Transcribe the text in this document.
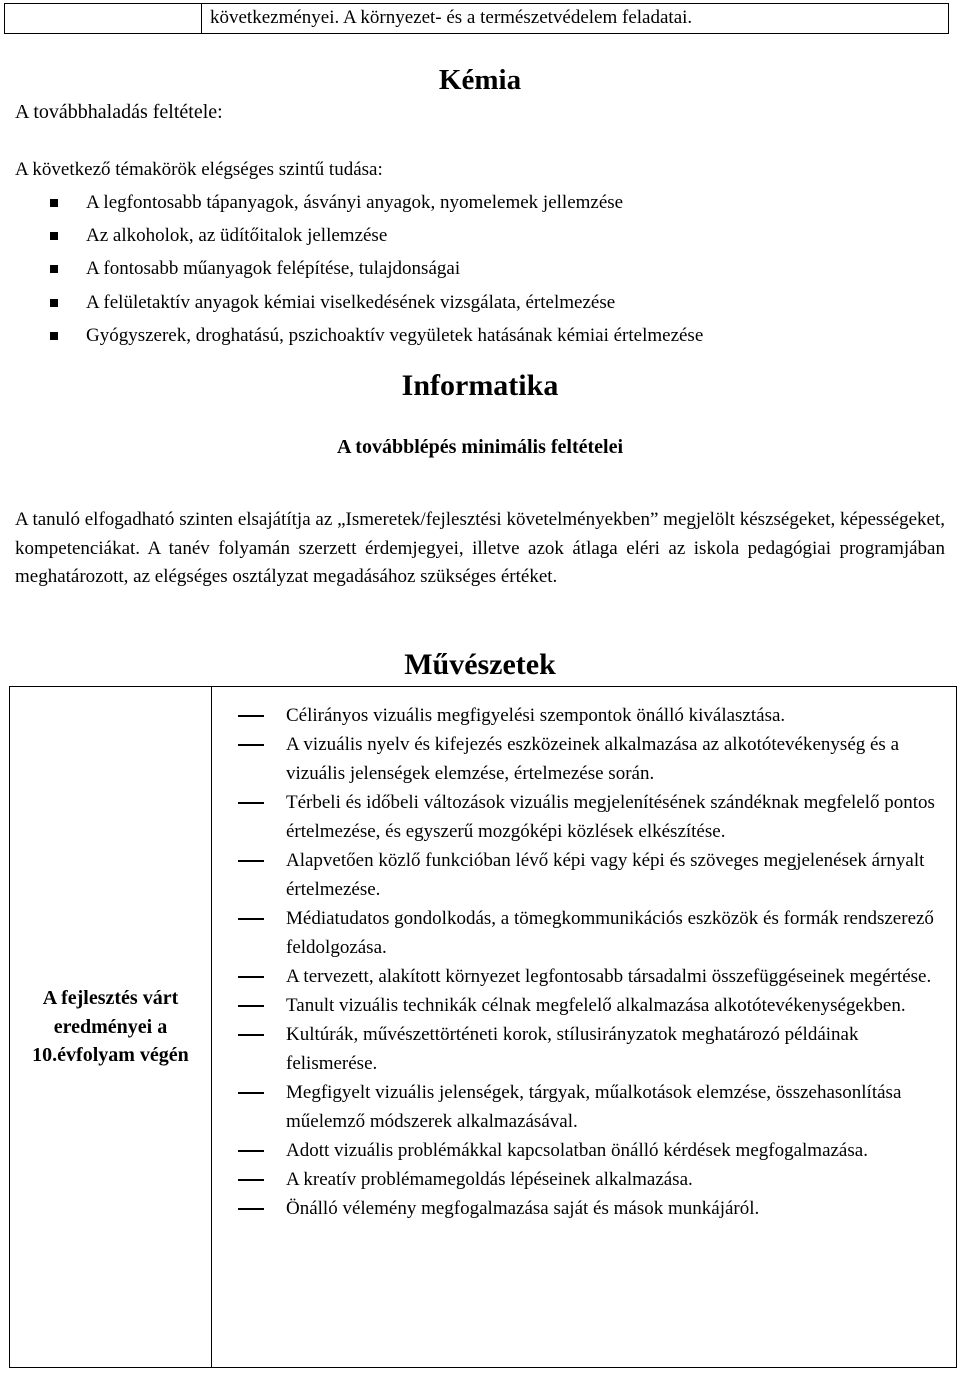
következményei. A környezet- és a természetvédelem feladatai.
Kémia
A továbbhaladás feltétele:
A következő témakörök elégséges szintű tudása:
A legfontosabb tápanyagok, ásványi anyagok, nyomelemek jellemzése
Az alkoholok, az üdítőitalok jellemzése
A fontosabb műanyagok felépítése, tulajdonságai
A felületaktív anyagok kémiai viselkedésének vizsgálata, értelmezése
Gyógyszerek, droghatású, pszichoaktív vegyületek hatásának kémiai értelmezése
Informatika
A továbblépés minimális feltételei

A tanuló elfogadható szinten elsajátítja az „Ismeretek/fejlesztési követelményekben” megjelölt készségeket, képességeket, kompetenciákat. A tanév folyamán szerzett érdemjegyei, illetve azok átlaga eléri az iskola pedagógiai programjában meghatározott, az elégséges osztályzat megadásához szükséges értéket.

Művészetek
A fejlesztés várt eredményei a 10.évfolyam végén
Célirányos vizuális megfigyelési szempontok önálló kiválasztása.
A vizuális nyelv és kifejezés eszközeinek alkalmazása az alkotótevékenység és a vizuális jelenségek elemzése, értelmezése során.
Térbeli és időbeli változások vizuális megjelenítésének szándéknak megfelelő pontos értelmezése, és egyszerű mozgóképi közlések elkészítése.
Alapvetően közlő funkcióban lévő képi vagy képi és szöveges megjelenések árnyalt értelmezése.
Médiatudatos gondolkodás, a tömegkommunikációs eszközök és formák rendszerező feldolgozása.
A tervezett, alakított környezet legfontosabb társadalmi összefüggéseinek megértése.
Tanult vizuális technikák célnak megfelelő alkalmazása alkotótevékenységekben.
Kultúrák, művészettörténeti korok, stílusirányzatok meghatározó példáinak felismerése.
Megfigyelt vizuális jelenségek, tárgyak, műalkotások elemzése, összehasonlítása műelemző módszerek alkalmazásával.
Adott vizuális problémákkal kapcsolatban önálló kérdések megfogalmazása.
A kreatív problémamegoldás lépéseinek alkalmazása.
Önálló vélemény megfogalmazása saját és mások munkájáról.
